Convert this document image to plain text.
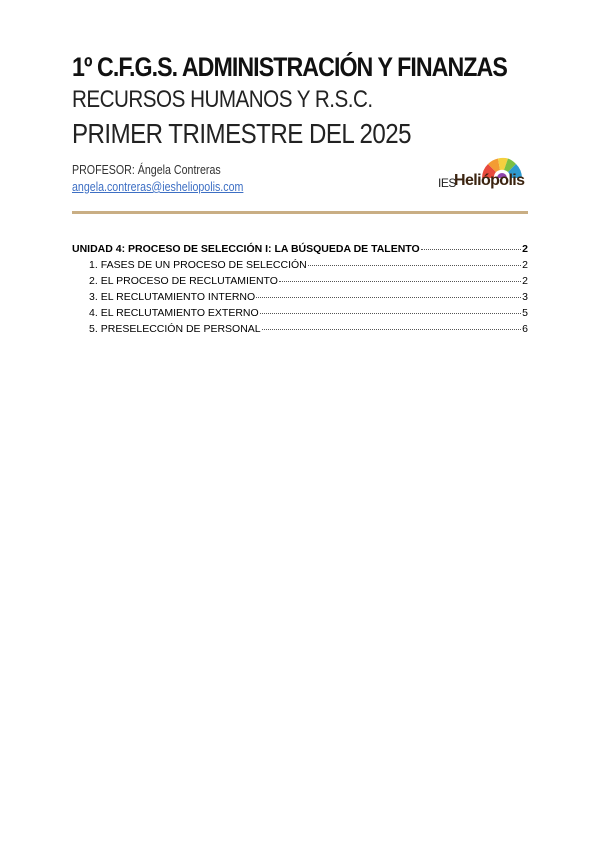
1º C.F.G.S. ADMINISTRACIÓN Y FINANZAS
RECURSOS HUMANOS Y R.S.C.
PRIMER TRIMESTRE DEL 2025
PROFESOR: Ángela Contreras
angela.contreras@iesheliopolis.com	IES
Heliópolis
UNIDAD 4: PROCESO DE SELECCIÓN I: LA BÚSQUEDA DE TALENTO	2
1. FASES DE UN PROCESO DE SELECCIÓN	2
2. EL PROCESO DE RECLUTAMIENTO	2
3. EL RECLUTAMIENTO INTERNO	3
4. EL RECLUTAMIENTO EXTERNO	5
5. PRESELECCIÓN DE PERSONAL	6
